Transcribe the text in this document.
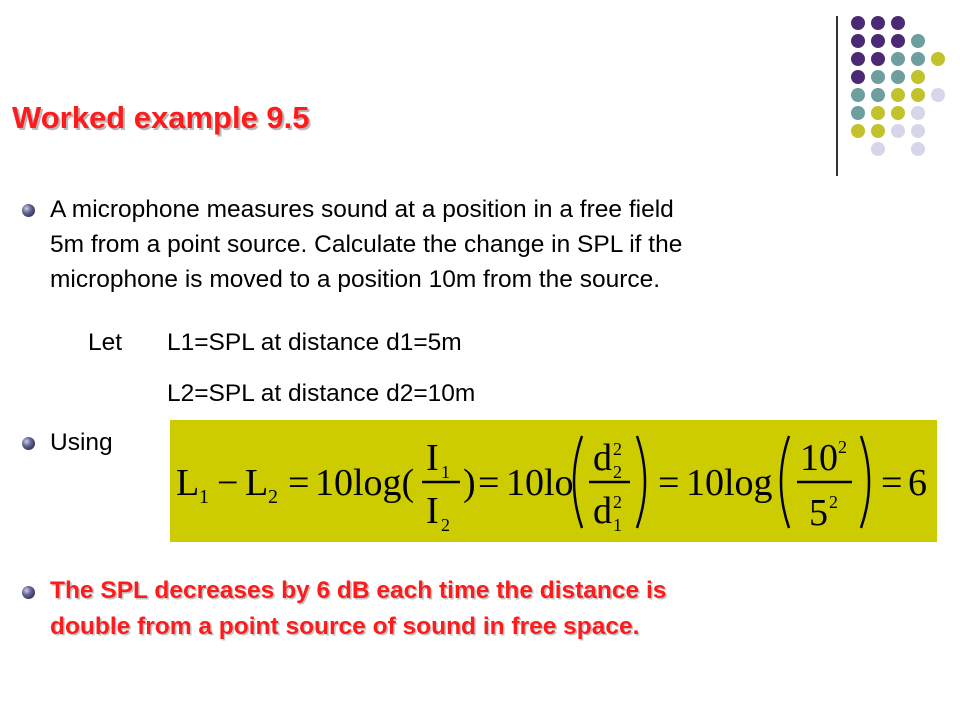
Worked example 9.5

A microphone measures sound at a position in a free field
5m from a point source. Calculate the change in SPL if the
microphone is moved to a position 10m from the source.

Let L1=SPL at distance d1=5m
L2=SPL at distance d2=10m
Using
L 1 − L 2 = 10log(
I 1
I 2
) = 10lo
d 2
2
d 2
1
= 10log
10 2
5 2 = 6

The SPL decreases by 6 dB each time the distance is
double from a point source of sound in free space.
